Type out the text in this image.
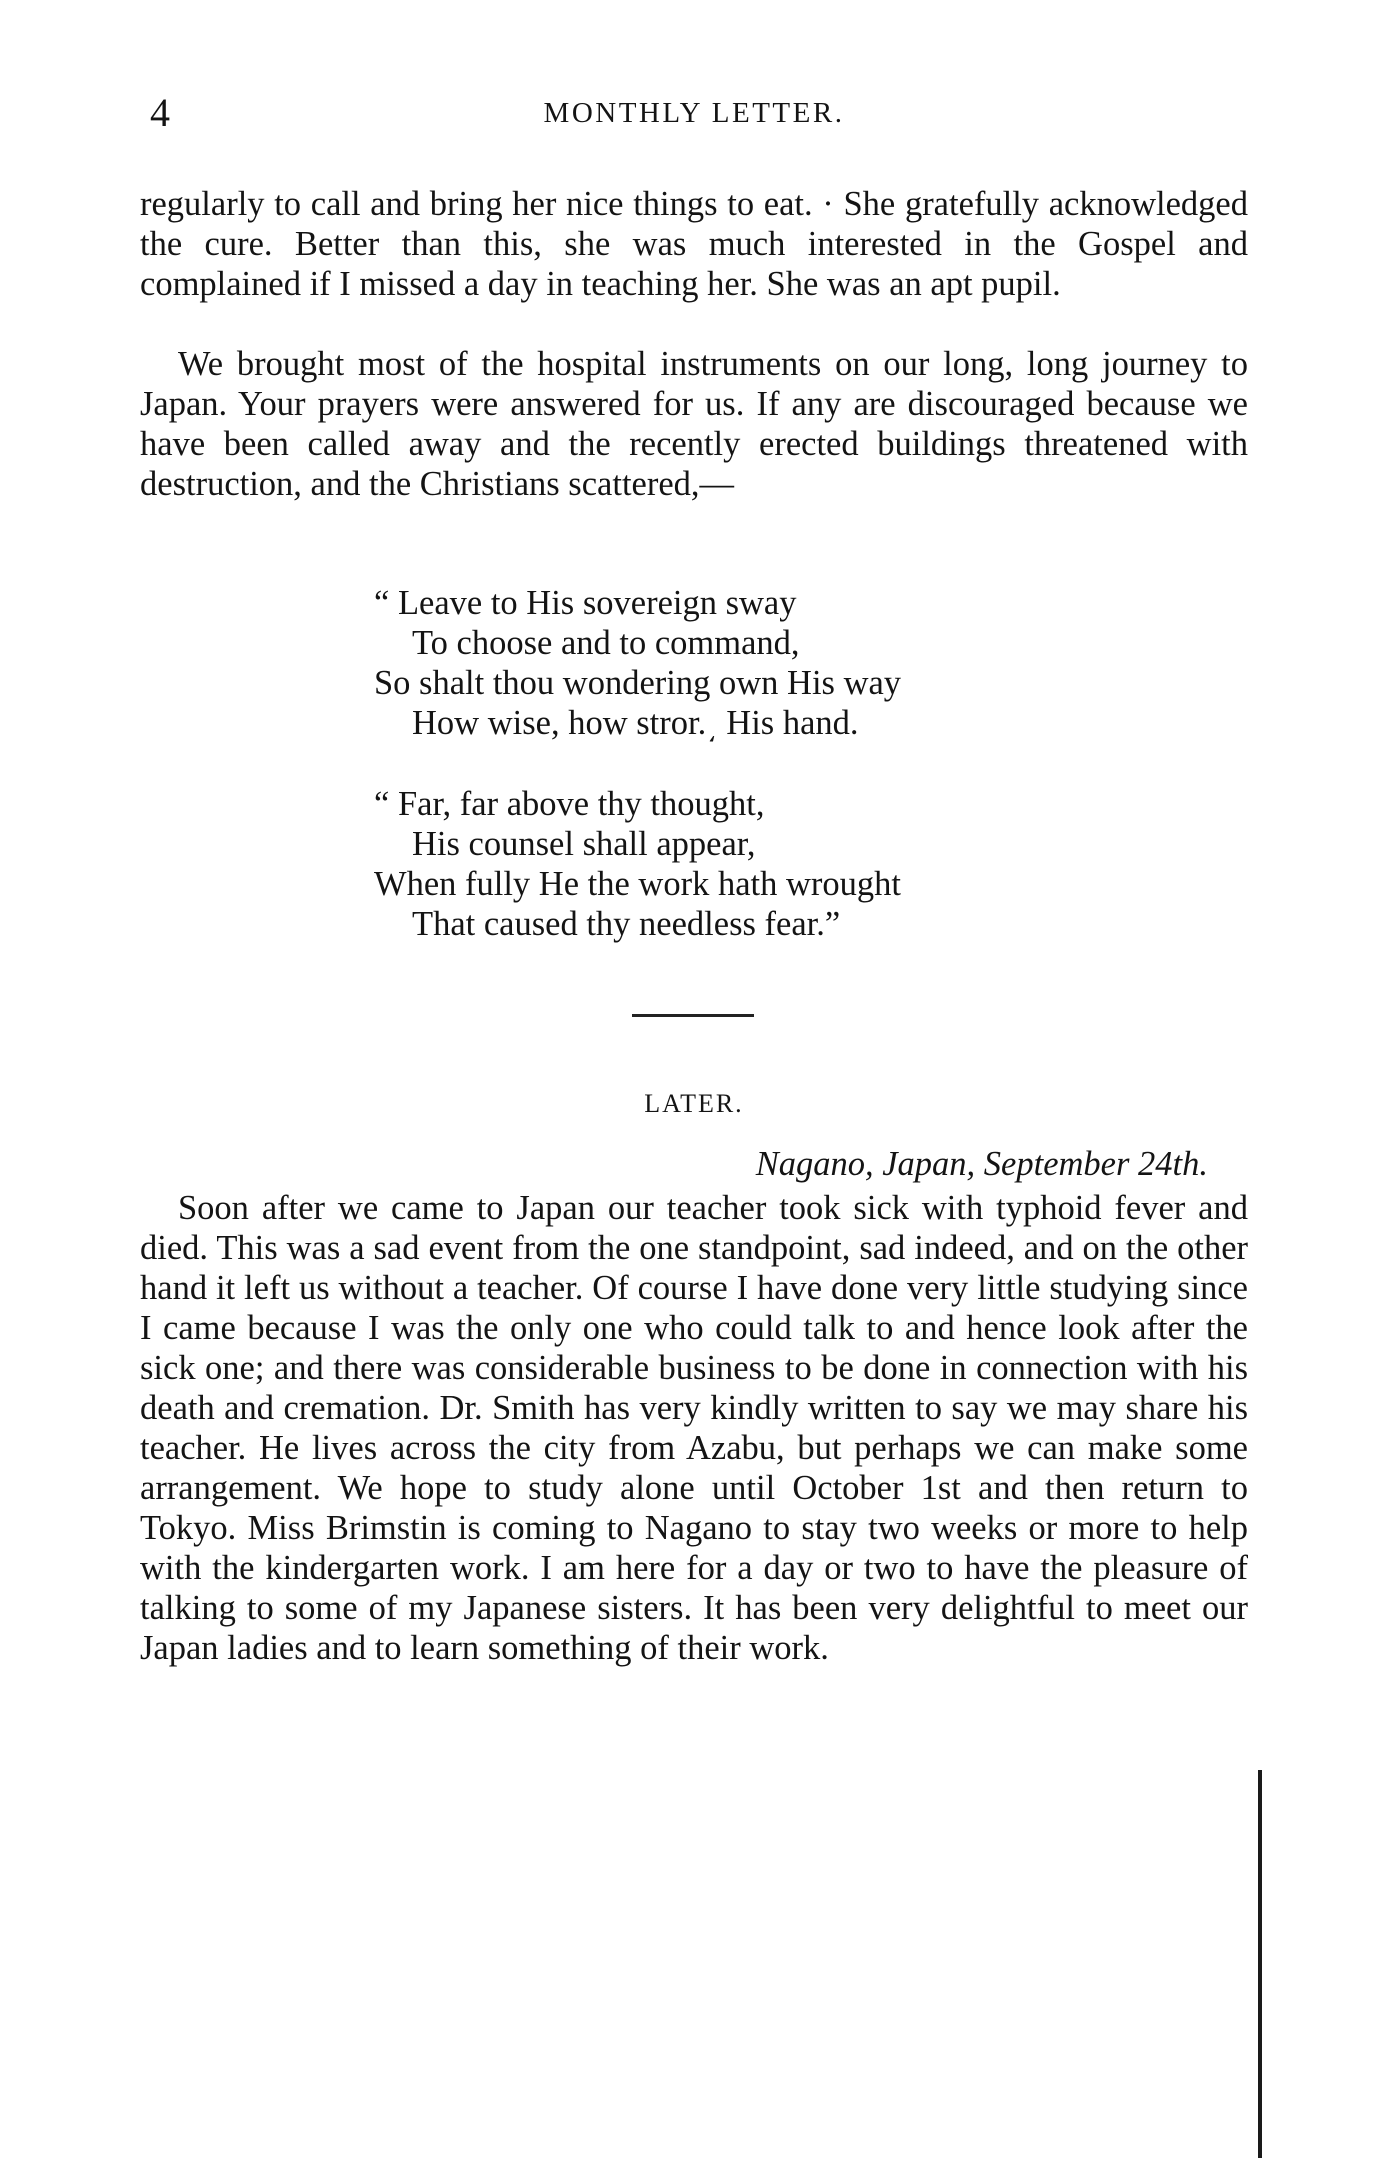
4	MONTHLY LETTER.

regularly to call and bring her nice things to eat. · She gratefully acknowledged the cure. Better than this, she was much interested in the Gospel and complained if I missed a day in teaching her. She was an apt pupil.

We brought most of the hospital instruments on our long, long journey to Japan. Your prayers were answered for us. If any are discouraged because we have been called away and the recently erected buildings threatened with destruction, and the Christians scattered,—

“ Leave to His sovereign sway
To choose and to command,
So shalt thou wondering own His way
How wise, how stror.͵ His hand.
“ Far, far above thy thought,
His counsel shall appear,
When fully He the work hath wrought
That caused thy needless fear.”
LATER.
Nagano, Japan, September 24th.

Soon after we came to Japan our teacher took sick with typhoid fever and died. This was a sad event from the one standpoint, sad indeed, and on the other hand it left us without a teacher. Of course I have done very little studying since I came because I was the only one who could talk to and hence look after the sick one; and there was considerable business to be done in connection with his death and cremation. Dr. Smith has very kindly written to say we may share his teacher. He lives across the city from Azabu, but perhaps we can make some arrangement. We hope to study alone until October 1st and then return to Tokyo. Miss Brimstin is coming to Nagano to stay two weeks or more to help with the kindergarten work. I am here for a day or two to have the pleasure of talking to some of my Japanese sisters. It has been very delightful to meet our Japan ladies and to learn something of their work.
